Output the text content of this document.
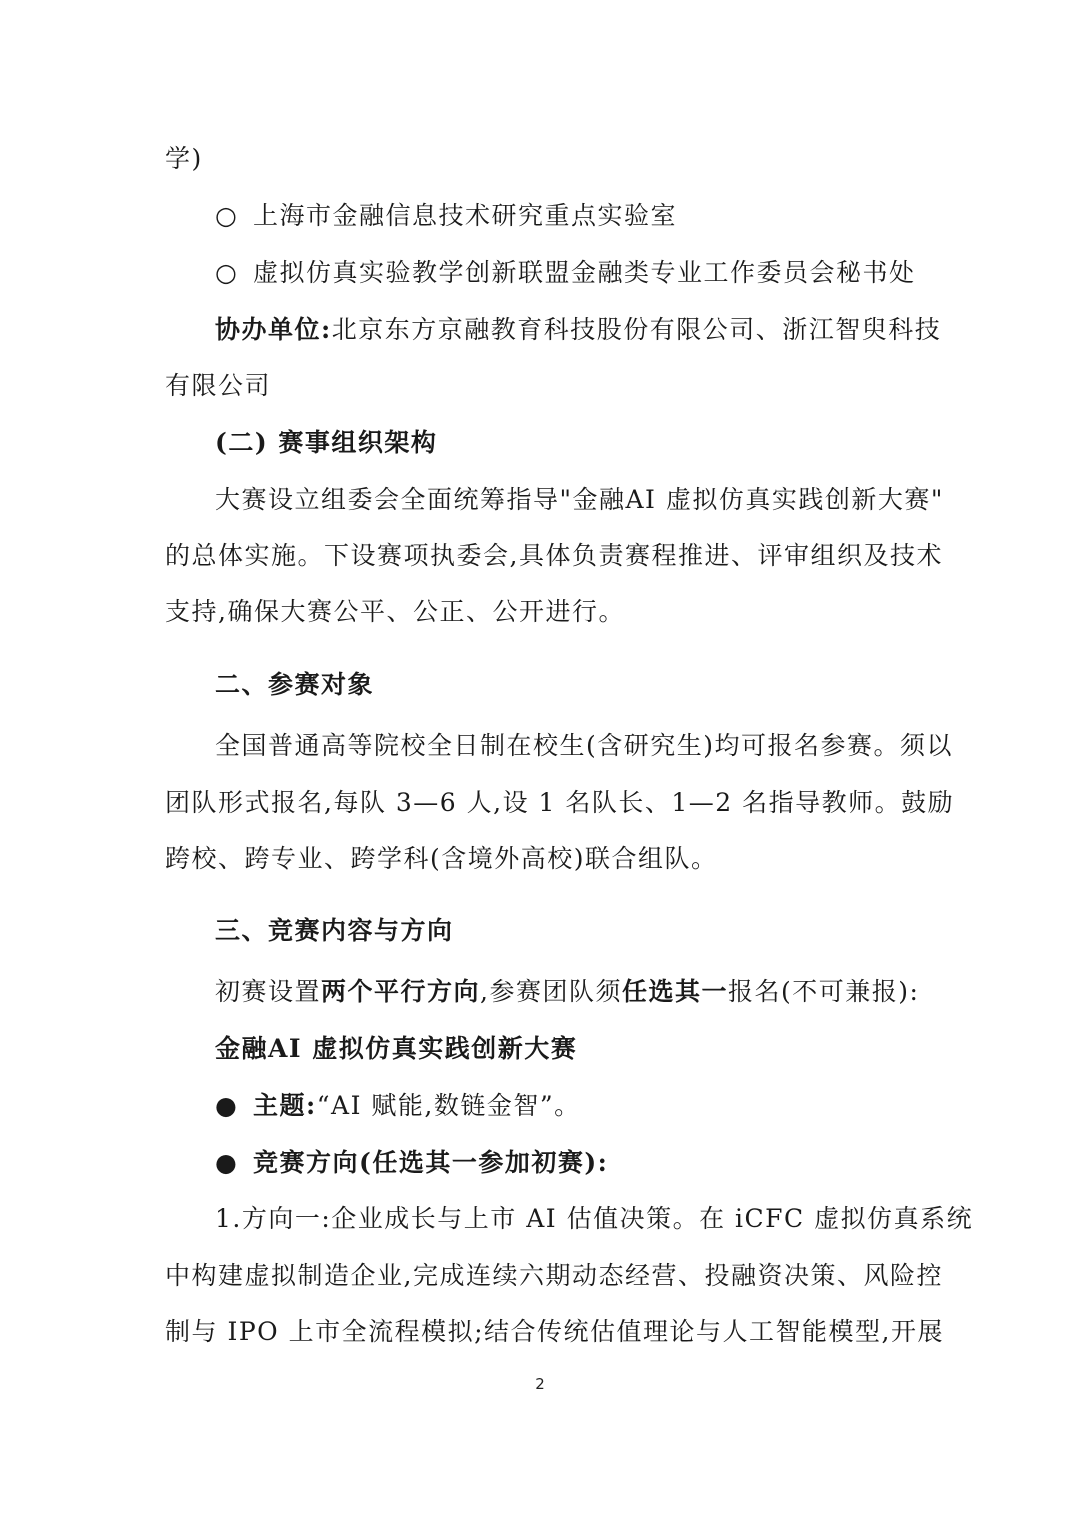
学)
○ 上海市金融信息技术研究重点实验室
○ 虚拟仿真实验教学创新联盟金融类专业工作委员会秘书处
协办单位:北京东方京融教育科技股份有限公司、浙江智臾科技
有限公司
(二) 赛事组织架构
大赛设立组委会全面统筹指导"金融AI 虚拟仿真实践创新大赛"
的总体实施。下设赛项执委会,具体负责赛程推进、评审组织及技术
支持,确保大赛公平、公正、公开进行。
二、参赛对象
全国普通高等院校全日制在校生(含研究生)均可报名参赛。须以
团队形式报名,每队 3—6 人,设 1 名队长、1—2 名指导教师。鼓励
跨校、跨专业、跨学科(含境外高校)联合组队。
三、竞赛内容与方向
初赛设置两个平行方向,参赛团队须任选其一报名(不可兼报):
金融AI 虚拟仿真实践创新大赛
● 主题:“AI 赋能,数链金智”。
● 竞赛方向(任选其一参加初赛):
1.方向一:企业成长与上市 AI 估值决策。在 iCFC 虚拟仿真系统
中构建虚拟制造企业,完成连续六期动态经营、投融资决策、风险控
制与 IPO 上市全流程模拟;结合传统估值理论与人工智能模型,开展
2
